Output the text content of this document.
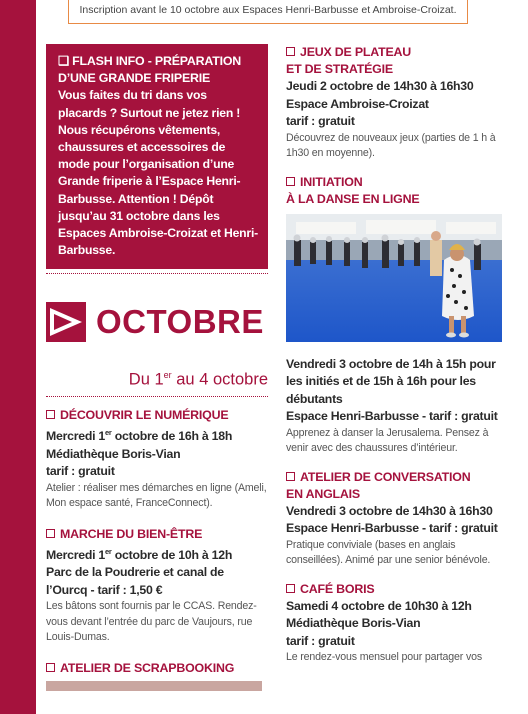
Inscription avant le 10 octobre aux Espaces Henri-Barbusse et Ambroise-Croizat.
❑ FLASH INFO - PRÉPARATION
D’UNE GRANDE FRIPERIE
Vous faites du tri dans vos placards ? Surtout ne jetez rien ! Nous récupérons vêtements, chaussures et accessoires de mode pour l’organisation d’une Grande friperie à l’Espace Henri-Barbusse. Attention ! Dépôt jusqu’au 31 octobre dans les Espaces Ambroise-Croizat et Henri-Barbusse.
OCTOBRE
Du 1er au 4 octobre
DÉCOUVRIR LE NUMÉRIQUE
Mercredi 1er octobre de 16h à 18h
Médiathèque Boris-Vian
tarif : gratuit
Atelier : réaliser mes démarches en ligne (Ameli, Mon espace santé, FranceConnect).
MARCHE DU BIEN-ÊTRE
Mercredi 1er octobre de 10h à 12h
Parc de la Poudrerie et canal de l’Ourcq - tarif : 1,50 €
Les bâtons sont fournis par le CCAS. Rendez-vous devant l’entrée du parc de Vaujours, rue Louis-Dumas.
ATELIER DE SCRAPBOOKING
JEUX DE PLATEAU
ET DE STRATÉGIE
Jeudi 2 octobre de 14h30 à 16h30
Espace Ambroise-Croizat
tarif : gratuit
Découvrez de nouveaux jeux (parties de 1 h à 1h30 en moyenne).
INITIATION
À LA DANSE EN LIGNE
Vendredi 3 octobre de 14h à 15h pour les initiés et de 15h à 16h pour les débutants
Espace Henri-Barbusse - tarif : gratuit
Apprenez à danser la Jerusalema. Pensez à venir avec des chaussures d’intérieur.
ATELIER DE CONVERSATION
EN ANGLAIS
Vendredi 3 octobre de 14h30 à 16h30
Espace Henri-Barbusse - tarif : gratuit
Pratique conviviale (bases en anglais conseillées). Animé par une senior bénévole.
CAFÉ BORIS
Samedi 4 octobre de 10h30 à 12h
Médiathèque Boris-Vian
tarif : gratuit
Le rendez-vous mensuel pour partager vos
